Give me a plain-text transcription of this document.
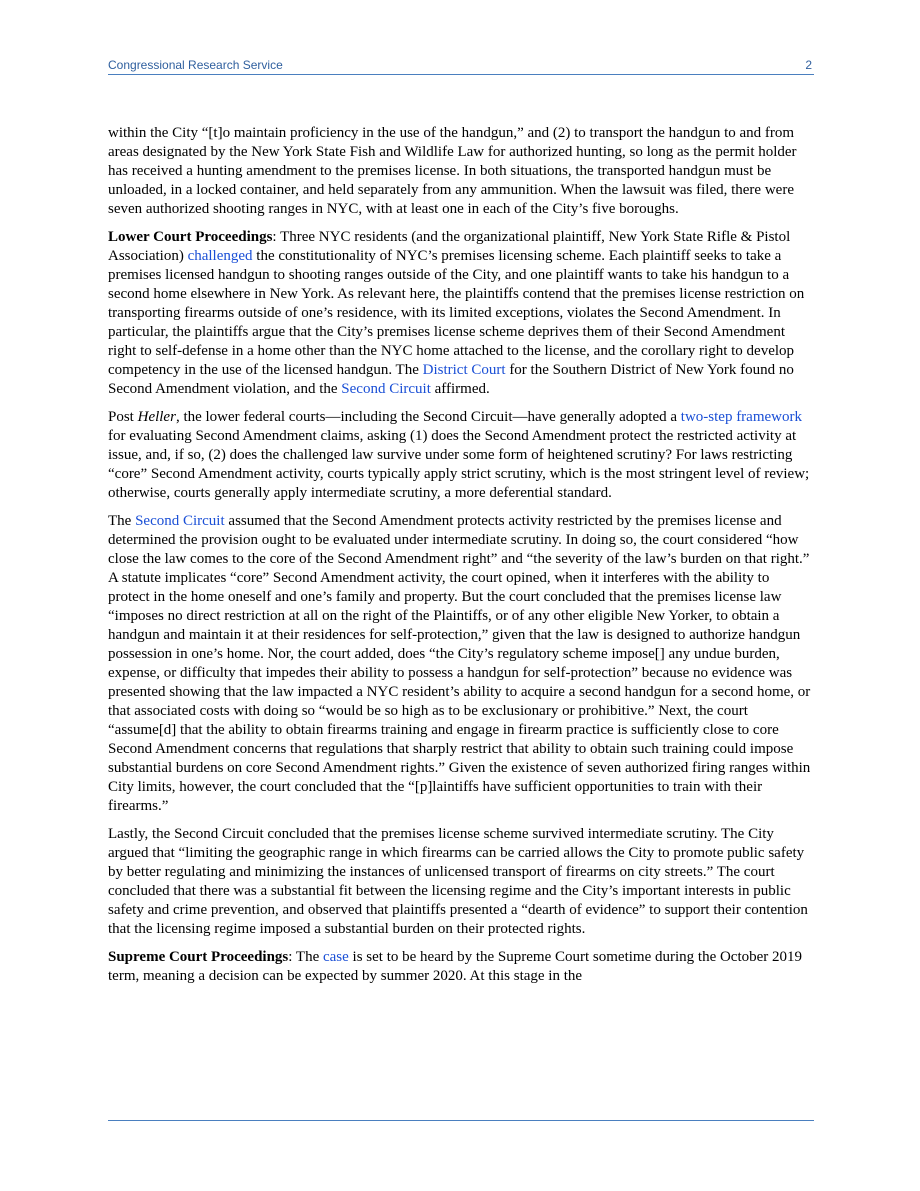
Congressional Research Service	2

within the City “[t]o maintain proficiency in the use of the handgun,” and (2) to transport the handgun to and from areas designated by the New York State Fish and Wildlife Law for authorized hunting, so long as the permit holder has received a hunting amendment to the premises license. In both situations, the transported handgun must be unloaded, in a locked container, and held separately from any ammunition. When the lawsuit was filed, there were seven authorized shooting ranges in NYC, with at least one in each of the City’s five boroughs.

Lower Court Proceedings: Three NYC residents (and the organizational plaintiff, New York State Rifle & Pistol Association) challenged the constitutionality of NYC’s premises licensing scheme. Each plaintiff seeks to take a premises licensed handgun to shooting ranges outside of the City, and one plaintiff wants to take his handgun to a second home elsewhere in New York. As relevant here, the plaintiffs contend that the premises license restriction on transporting firearms outside of one’s residence, with its limited exceptions, violates the Second Amendment. In particular, the plaintiffs argue that the City’s premises license scheme deprives them of their Second Amendment right to self-defense in a home other than the NYC home attached to the license, and the corollary right to develop competency in the use of the licensed handgun. The District Court for the Southern District of New York found no Second Amendment violation, and the Second Circuit affirmed.

Post Heller, the lower federal courts—including the Second Circuit—have generally adopted a two-step framework for evaluating Second Amendment claims, asking (1) does the Second Amendment protect the restricted activity at issue, and, if so, (2) does the challenged law survive under some form of heightened scrutiny? For laws restricting “core” Second Amendment activity, courts typically apply strict scrutiny, which is the most stringent level of review; otherwise, courts generally apply intermediate scrutiny, a more deferential standard.

The Second Circuit assumed that the Second Amendment protects activity restricted by the premises license and determined the provision ought to be evaluated under intermediate scrutiny. In doing so, the court considered “how close the law comes to the core of the Second Amendment right” and “the severity of the law’s burden on that right.” A statute implicates “core” Second Amendment activity, the court opined, when it interferes with the ability to protect in the home oneself and one’s family and property. But the court concluded that the premises license law “imposes no direct restriction at all on the right of the Plaintiffs, or of any other eligible New Yorker, to obtain a handgun and maintain it at their residences for self-protection,” given that the law is designed to authorize handgun possession in one’s home. Nor, the court added, does “the City’s regulatory scheme impose[] any undue burden, expense, or difficulty that impedes their ability to possess a handgun for self-protection” because no evidence was presented showing that the law impacted a NYC resident’s ability to acquire a second handgun for a second home, or that associated costs with doing so “would be so high as to be exclusionary or prohibitive.” Next, the court “assume[d] that the ability to obtain firearms training and engage in firearm practice is sufficiently close to core Second Amendment concerns that regulations that sharply restrict that ability to obtain such training could impose substantial burdens on core Second Amendment rights.” Given the existence of seven authorized firing ranges within City limits, however, the court concluded that the “[p]laintiffs have sufficient opportunities to train with their firearms.”

Lastly, the Second Circuit concluded that the premises license scheme survived intermediate scrutiny. The City argued that “limiting the geographic range in which firearms can be carried allows the City to promote public safety by better regulating and minimizing the instances of unlicensed transport of firearms on city streets.” The court concluded that there was a substantial fit between the licensing regime and the City’s important interests in public safety and crime prevention, and observed that plaintiffs presented a “dearth of evidence” to support their contention that the licensing regime imposed a substantial burden on their protected rights.

Supreme Court Proceedings: The case is set to be heard by the Supreme Court sometime during the October 2019 term, meaning a decision can be expected by summer 2020. At this stage in the
